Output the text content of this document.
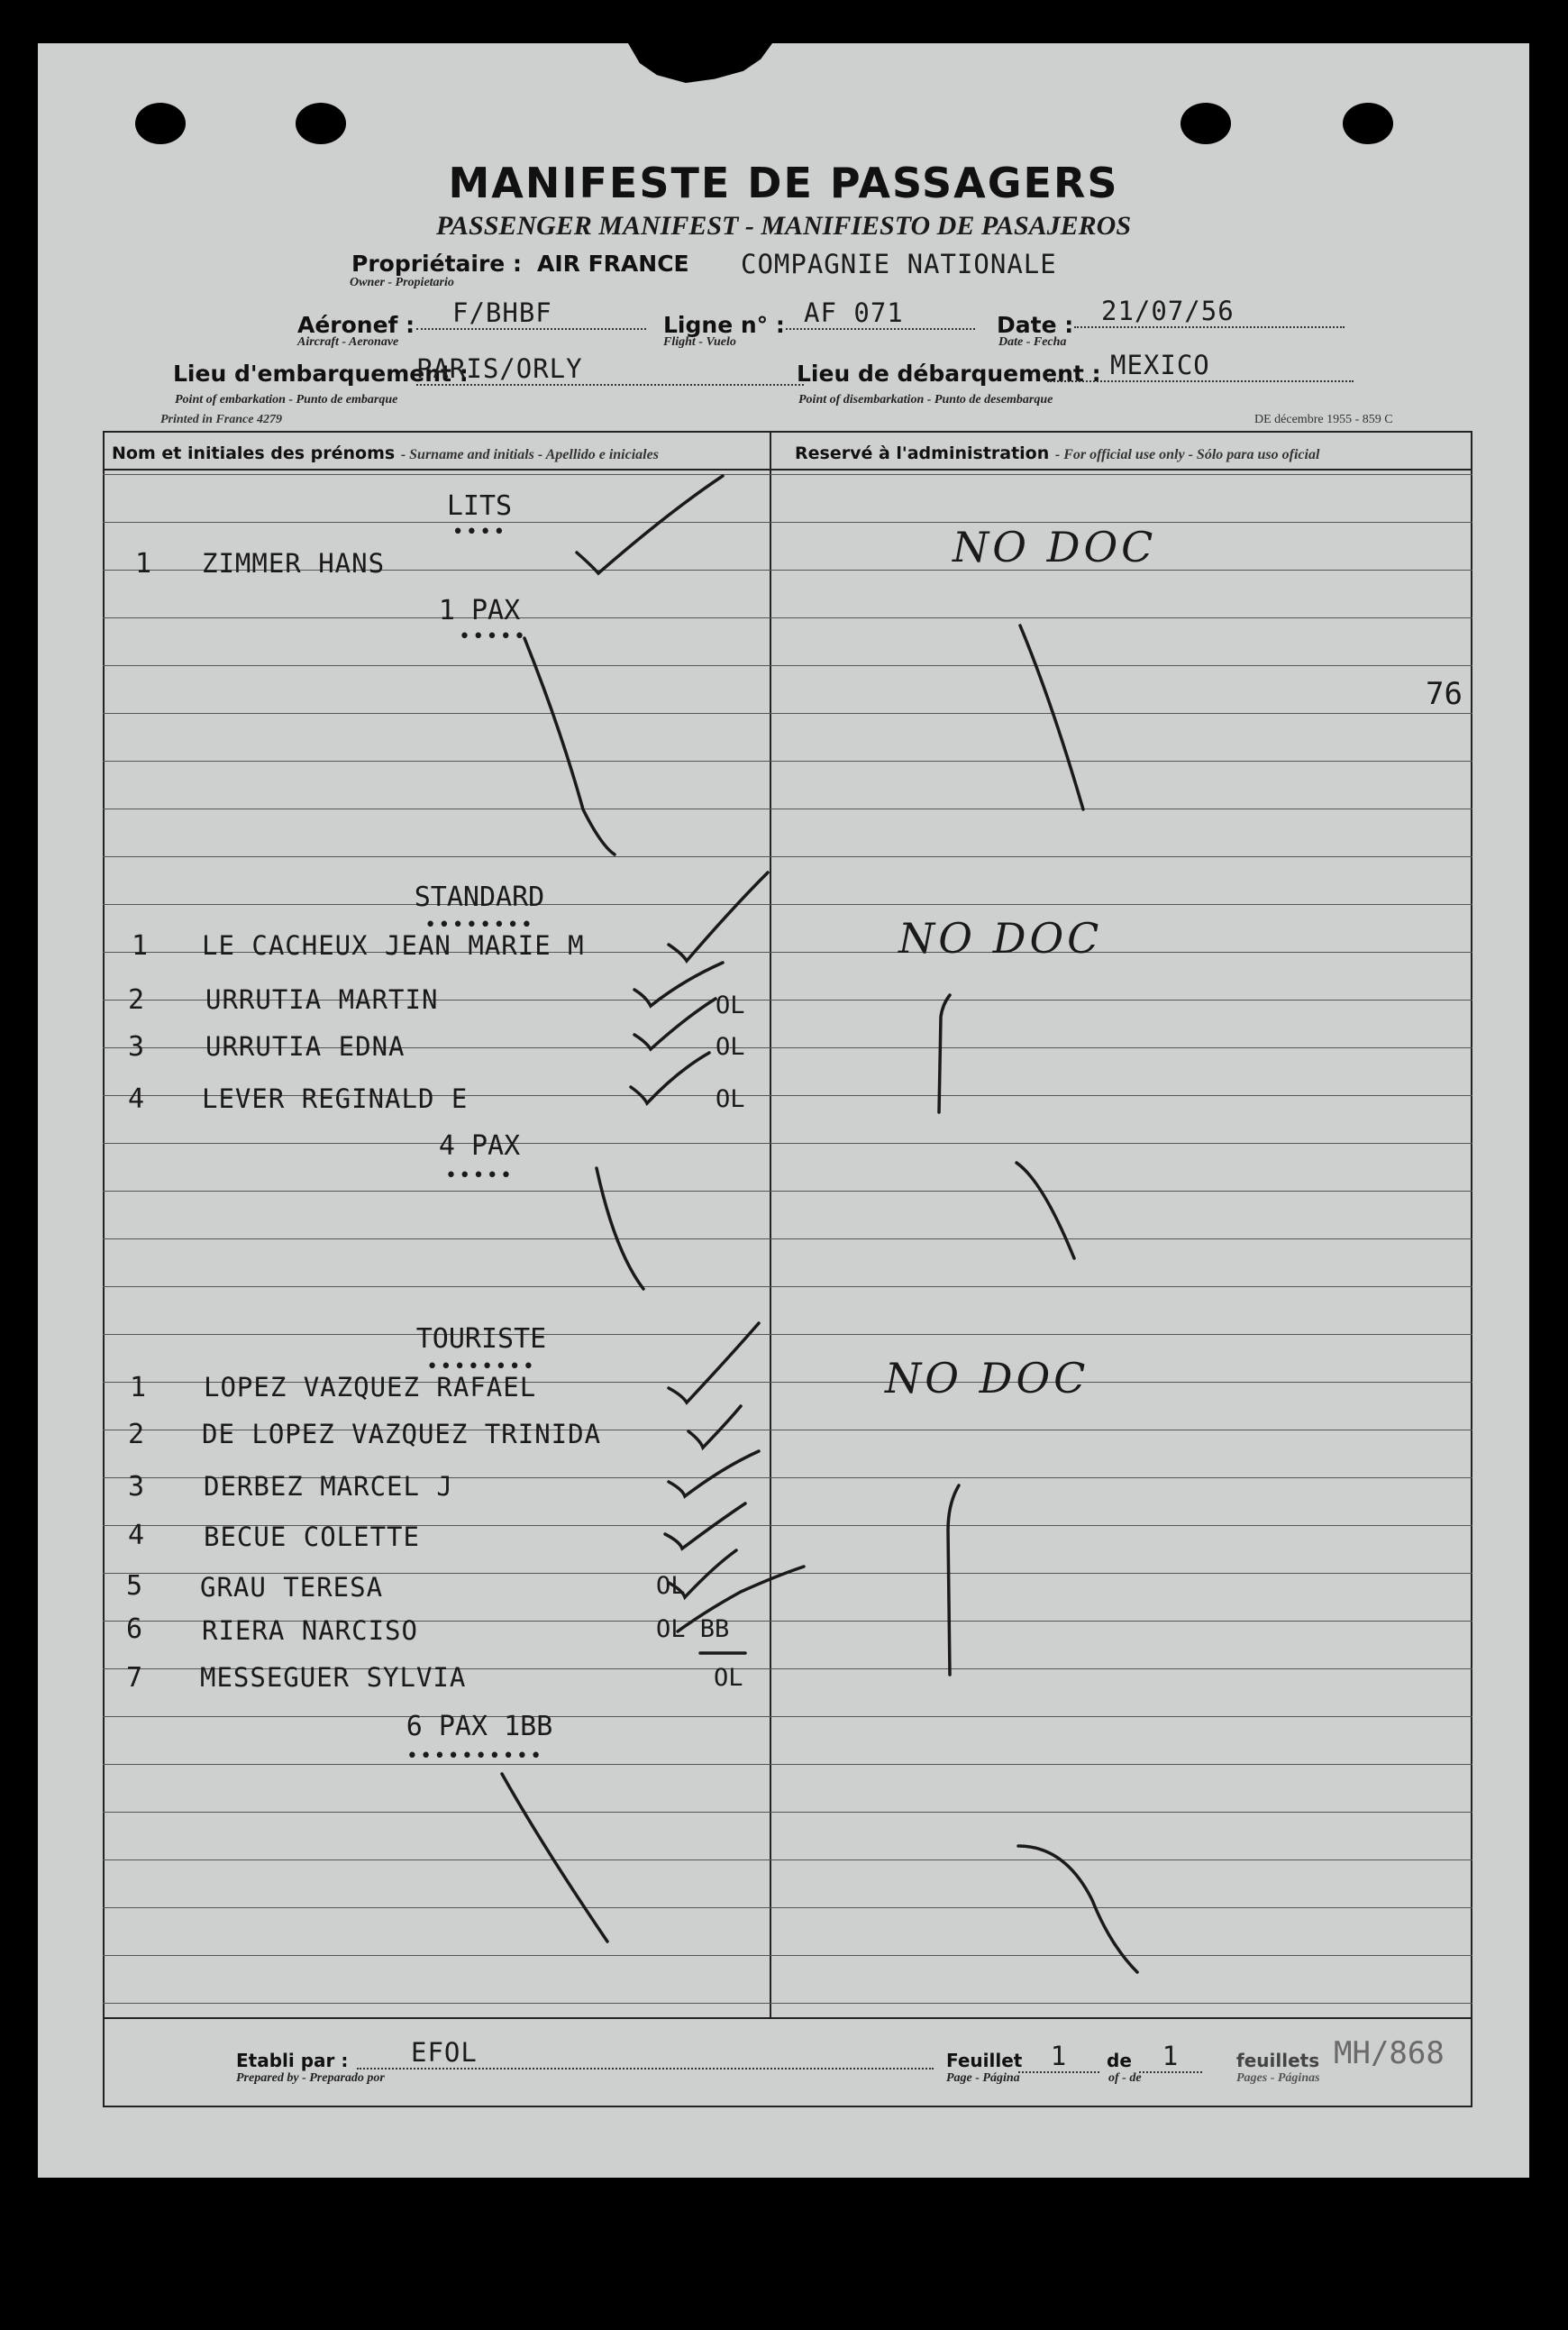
MANIFESTE DE PASSAGERS
PASSENGER MANIFEST - MANIFIESTO DE PASAJEROS
Propriétaire :
Owner - Propietario
AIR FRANCE COMPAGNIE NATIONALE
Aéronef :
Aircraft - Aeronave
F/BHBF	Ligne n° :
Flight - Vuelo
AF 071	Date :
Date - Fecha
21/07/56
Lieu d'embarquement :
Point of embarkation - Punto de embarque
PARIS/ORLY	Lieu de débarquement :
Point of disembarkation - Punto de desembarque
MEXICO
Printed in France 4279	DE décembre 1955 - 859 C
Nom et initiales des prénoms - Surname and initials - Apellido e iniciales	Reservé à l'administration - For official use only - Sólo para uso oficial
LITS
••••
1 ZIMMER HANS
1 PAX
•••••
NO DOC
STANDARD
••••••••
1 LE CACHEUX JEAN MARIE M
2 URRUTIA MARTIN	OL
3 URRUTIA EDNA	OL
4 LEVER REGINALD E	OL
4 PAX
•••••
NO DOC
TOURISTE
••••••••
1 LOPEZ VAZQUEZ RAFAEL
2 DE LOPEZ VAZQUEZ TRINIDA
3 DERBEZ MARCEL J
4 BECUE COLETTE
5 GRAU TERESA	OL
6 RIERA NARCISO	OL BB
7 MESSEGUER SYLVIA	OL
6 PAX 1BB
••••••••••
NO DOC
76
Etabli par :
Prepared by - Preparado por
EFOL	Feuillet
Page - Página
1	de
of - de
1	feuillets
Pages - Páginas
MH/868
